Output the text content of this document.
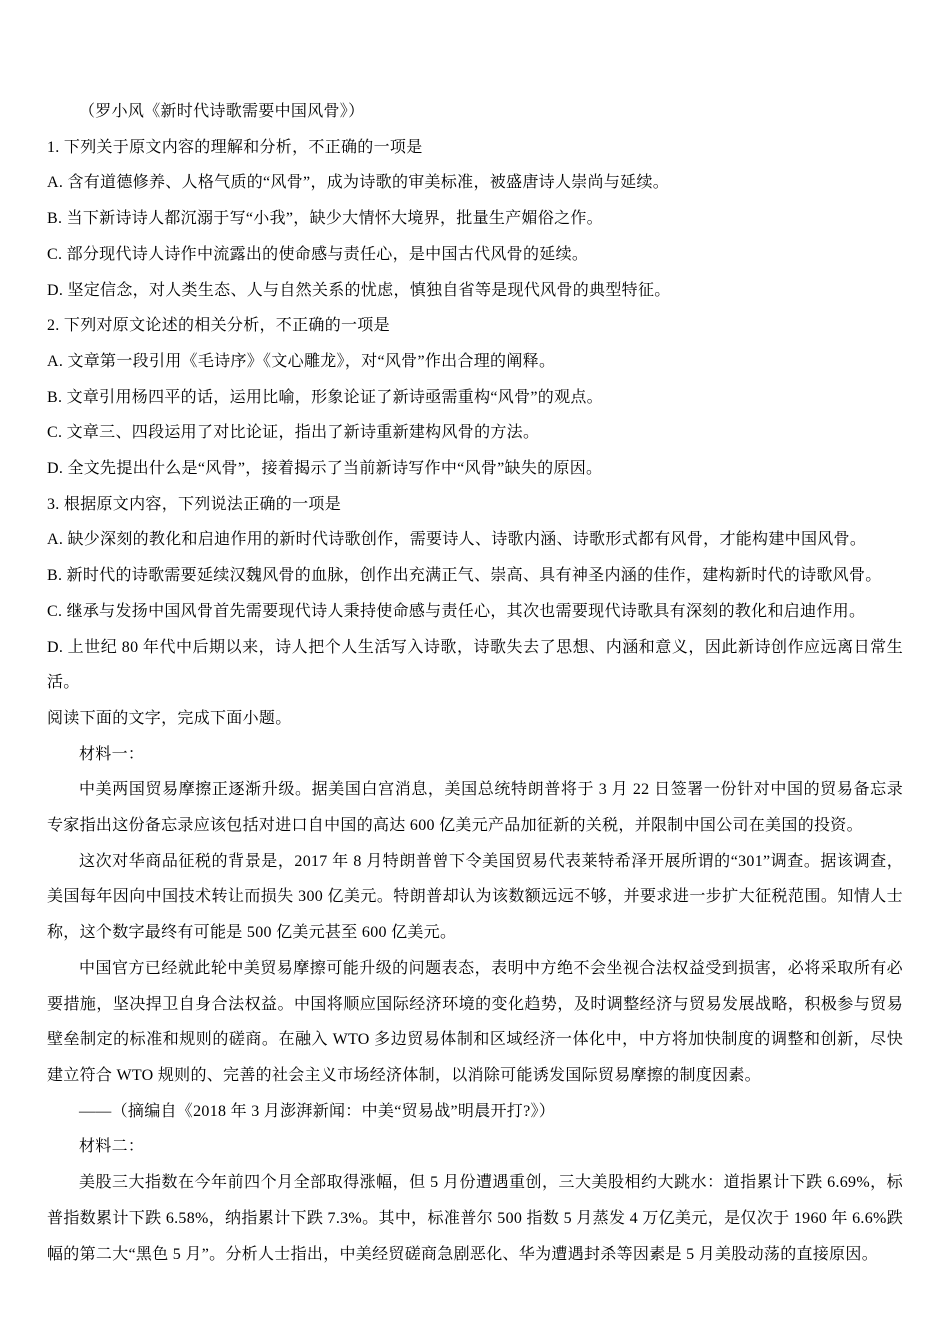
（罗小风《新时代诗歌需要中国风骨》）

1. 下列关于原文内容的理解和分析，不正确的一项是

A. 含有道德修养、人格气质的“风骨”，成为诗歌的审美标准，被盛唐诗人崇尚与延续。

B. 当下新诗诗人都沉溺于写“小我”，缺少大情怀大境界，批量生产媚俗之作。

C. 部分现代诗人诗作中流露出的使命感与责任心，是中国古代风骨的延续。

D. 坚定信念，对人类生态、人与自然关系的忧虑，慎独自省等是现代风骨的典型特征。

2. 下列对原文论述的相关分析，不正确的一项是

A. 文章第一段引用《毛诗序》《文心雕龙》，对“风骨”作出合理的阐释。

B. 文章引用杨四平的话，运用比喻，形象论证了新诗亟需重构“风骨”的观点。

C. 文章三、四段运用了对比论证，指出了新诗重新建构风骨的方法。

D. 全文先提出什么是“风骨”，接着揭示了当前新诗写作中“风骨”缺失的原因。

3. 根据原文内容，下列说法正确的一项是

A. 缺少深刻的教化和启迪作用的新时代诗歌创作，需要诗人、诗歌内涵、诗歌形式都有风骨，才能构建中国风骨。

B. 新时代的诗歌需要延续汉魏风骨的血脉，创作出充满正气、崇高、具有神圣内涵的佳作，建构新时代的诗歌风骨。

C. 继承与发扬中国风骨首先需要现代诗人秉持使命感与责任心，其次也需要现代诗歌具有深刻的教化和启迪作用。

D. 上世纪 80 年代中后期以来，诗人把个人生活写入诗歌，诗歌失去了思想、内涵和意义，因此新诗创作应远离日常生活。

阅读下面的文字，完成下面小题。

材料一：

中美两国贸易摩擦正逐渐升级。据美国白宫消息，美国总统特朗普将于 3 月 22 日签署一份针对中国的贸易备忘录专家指出这份备忘录应该包括对进口自中国的高达 600 亿美元产品加征新的关税，并限制中国公司在美国的投资。

这次对华商品征税的背景是，2017 年 8 月特朗普曾下令美国贸易代表莱特希泽开展所谓的“301”调查。据该调查，美国每年因向中国技术转让而损失 300 亿美元。特朗普却认为该数额远远不够，并要求进一步扩大征税范围。知情人士称，这个数字最终有可能是 500 亿美元甚至 600 亿美元。

中国官方已经就此轮中美贸易摩擦可能升级的问题表态，表明中方绝不会坐视合法权益受到损害，必将采取所有必要措施，坚决捍卫自身合法权益。中国将顺应国际经济环境的变化趋势，及时调整经济与贸易发展战略，积极参与贸易壁垒制定的标准和规则的磋商。在融入 WTO 多边贸易体制和区域经济一体化中，中方将加快制度的调整和创新，尽快建立符合 WTO 规则的、完善的社会主义市场经济体制，以消除可能诱发国际贸易摩擦的制度因素。

——（摘编自《2018 年 3 月澎湃新闻：中美“贸易战”明晨开打?》）

材料二：

美股三大指数在今年前四个月全部取得涨幅，但 5 月份遭遇重创，三大美股相约大跳水：道指累计下跌 6.69%，标普指数累计下跌 6.58%，纳指累计下跌 7.3%。其中，标准普尔 500 指数 5 月蒸发 4 万亿美元，是仅次于 1960 年 6.6%跌幅的第二大“黑色 5 月”。分析人士指出，中美经贸磋商急剧恶化、华为遭遇封杀等因素是 5 月美股动荡的直接原因。
